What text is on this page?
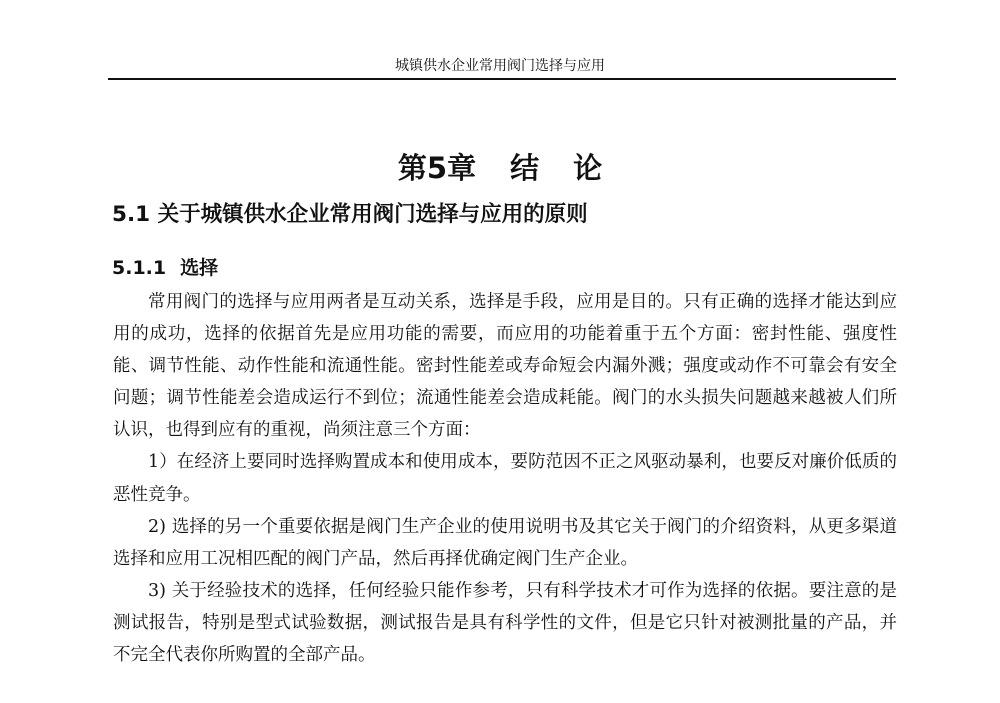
城镇供水企业常用阀门选择与应用
第5章 结 论
5.1 关于城镇供水企业常用阀门选择与应用的原则
5.1.1 选择

常用阀门的选择与应用两者是互动关系，选择是手段，应用是目的。只有正确的选择才能达到应用的成功，选择的依据首先是应用功能的需要，而应用的功能着重于五个方面：密封性能、强度性能、调节性能、动作性能和流通性能。密封性能差或寿命短会内漏外溅；强度或动作不可靠会有安全问题；调节性能差会造成运行不到位；流通性能差会造成耗能。阀门的水头损失问题越来越被人们所认识，也得到应有的重视，尚须注意三个方面：

1）在经济上要同时选择购置成本和使用成本，要防范因不正之风驱动暴利，也要反对廉价低质的恶性竞争。

2) 选择的另一个重要依据是阀门生产企业的使用说明书及其它关于阀门的介绍资料，从更多渠道选择和应用工况相匹配的阀门产品，然后再择优确定阀门生产企业。

3) 关于经验技术的选择，任何经验只能作参考，只有科学技术才可作为选择的依据。要注意的是测试报告，特别是型式试验数据，测试报告是具有科学性的文件，但是它只针对被测批量的产品，并不完全代表你所购置的全部产品。
